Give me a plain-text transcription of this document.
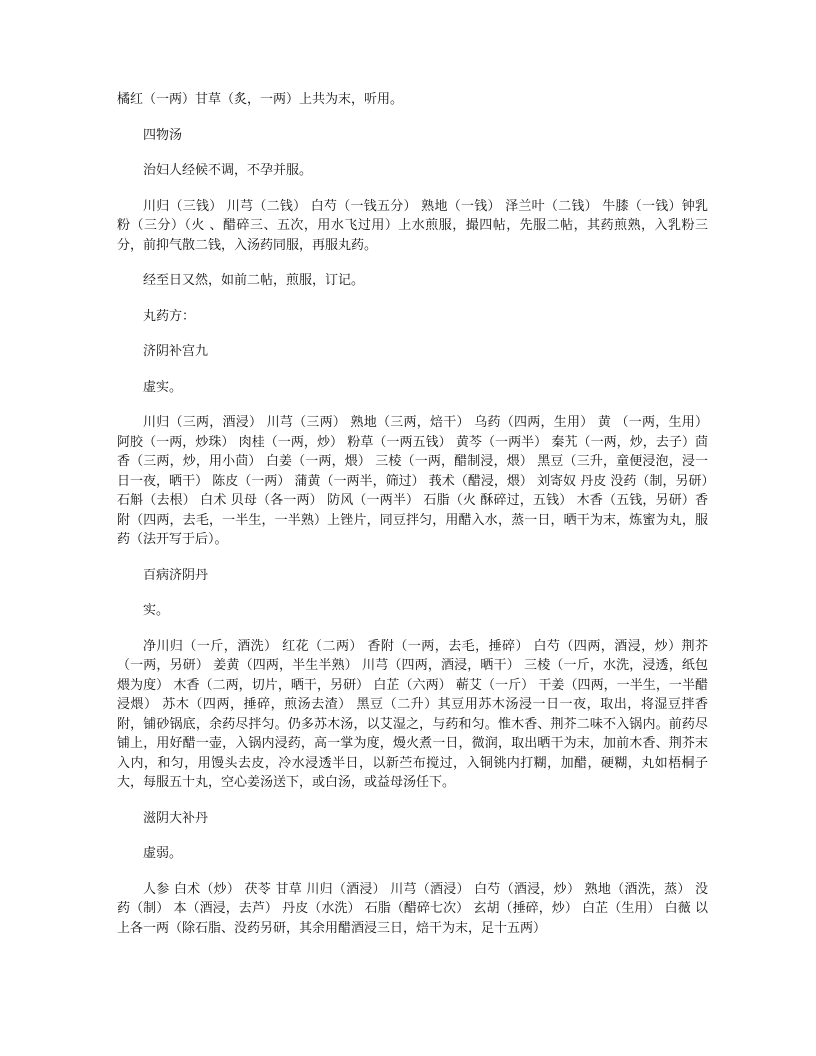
橘红（一两）甘草（炙，一两）上共为末，听用。

四物汤

治妇人经候不调，不孕并服。

川归（三钱） 川芎（二钱） 白芍（一钱五分） 熟地（一钱） 泽兰叶（二钱） 牛膝（一钱）钟乳粉（三分）（火 、醋碎三、五次，用水飞过用）上水煎服，撮四帖，先服二帖，其药煎熟，入乳粉三分，前抑气散二钱，入汤药同服，再服丸药。

经至日又然，如前二帖，煎服，订记。

丸药方：

济阴补宫九

虚实。

川归（三两，酒浸） 川芎（三两） 熟地（三两，焙干） 乌药（四两，生用） 黄 （一两，生用）阿胶（一两，炒珠） 肉桂（一两，炒） 粉草（一两五钱） 黄芩（一两半） 秦艽（一两，炒，去子）茴香（三两，炒，用小茴） 白姜（一两，煨） 三棱（一两，醋制浸，煨） 黑豆（三升，童便浸泡，浸一日一夜，晒干） 陈皮（一两） 蒲黄（一两半，筛过） 莪术（醋浸，煨） 刘寄奴 丹皮 没药（制，另研）石斛（去根） 白术 贝母（各一两） 防风（一两半） 石脂（火 酥碎过，五钱） 木香（五钱，另研）香附（四两，去毛，一半生，一半熟）上锉片，同豆拌匀，用醋入水，蒸一日，晒干为末，炼蜜为丸，服药（法开写于后）。

百病济阴丹

实。

净川归（一斤，酒洗） 红花（二两） 香附（一两，去毛，捶碎） 白芍（四两，酒浸，炒）荆芥（一两，另研） 姜黄（四两，半生半熟） 川芎（四两，酒浸，晒干） 三棱（一斤，水洗，浸透，纸包煨为度） 木香（二两，切片，晒干，另研） 白芷（六两） 蕲艾（一斤） 干姜（四两，一半生，一半醋浸煨） 苏木（四两，捶碎，煎汤去渣） 黑豆（二升）其豆用苏木汤浸一日一夜，取出，将湿豆拌香附，铺砂锅底，余药尽拌匀。仍多苏木汤，以艾湿之，与药和匀。惟木香、荆芥二味不入锅内。前药尽铺上，用好醋一壶，入锅内浸药，高一掌为度，熳火煮一日，微润，取出晒干为末，加前木香、荆芥末入内，和匀，用馒头去皮，冷水浸透半日，以新苎布搅过，入铜铫内打糊，加醋，硬糊，丸如梧桐子大，每服五十丸，空心姜汤送下，或白汤，或益母汤任下。

滋阴大补丹

虚弱。

人参 白术（炒） 茯苓 甘草 川归（酒浸） 川芎（酒浸） 白芍（酒浸，炒） 熟地（酒洗，蒸） 没药（制） 本（酒浸，去芦） 丹皮（水洗） 石脂（醋碎七次） 玄胡（捶碎，炒） 白芷（生用） 白薇 以上各一两（除石脂、没药另研，其余用醋酒浸三日，焙干为末，足十五两）
